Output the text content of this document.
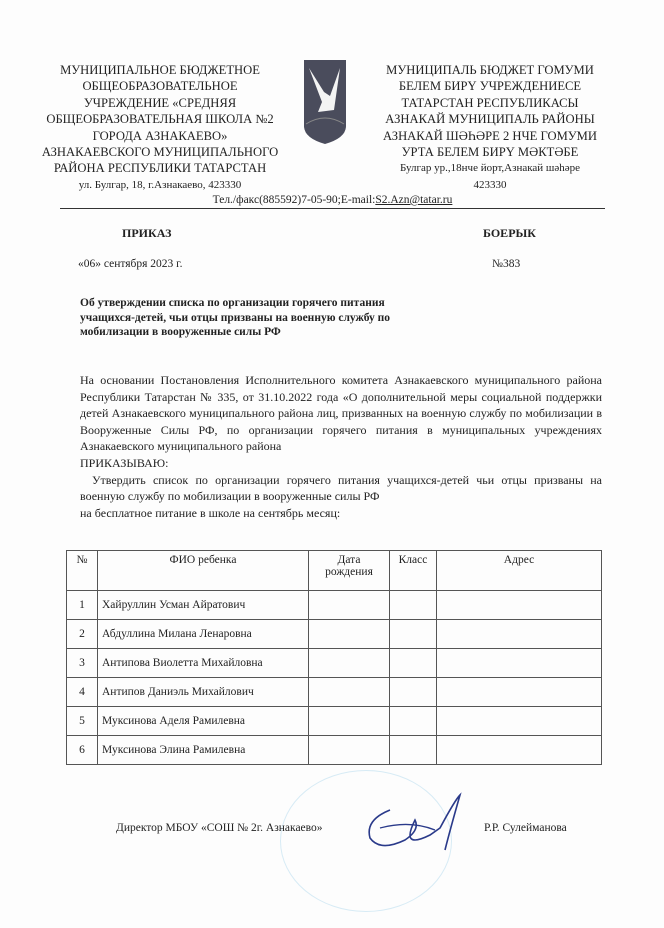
МУНИЦИПАЛЬНОЕ БЮДЖЕТНОЕ
ОБЩЕОБРАЗОВАТЕЛЬНОЕ
УЧРЕЖДЕНИЕ «СРЕДНЯЯ
ОБЩЕОБРАЗОВАТЕЛЬНАЯ ШКОЛА №2
ГОРОДА АЗНАКАЕВО»
АЗНАКАЕВСКОГО МУНИЦИПАЛЬНОГО
РАЙОНА РЕСПУБЛИКИ ТАТАРСТАН
ул. Булгар, 18, г.Азнакаево, 423330
МУНИЦИПАЛЬ БЮДЖЕТ ГОМУМИ
БЕЛЕМ БИРҮ УЧРЕЖДЕНИЕСЕ
ТАТАРСТАН РЕСПУБЛИКАСЫ
АЗНАКАЙ МУНИЦИПАЛЬ РАЙОНЫ
АЗНАКАЙ ШӘҺӘРЕ 2 НЧЕ ГОМУМИ
УРТА БЕЛЕМ БИРҮ МӘКТӘБЕ
Булгар ур.,18нче йорт,Азнакай шәһәре
423330
Тел./факс(885592)7-05-90;E-mail:S2.Azn@tatar.ru
ПРИКАЗ	БОЕРЫК
«06» сентября 2023 г.	№383
Об утверждении списка по организации горячего питания учащихся-детей, чьи отцы призваны на военную службу по мобилизации в вооруженные силы РФ
На основании Постановления Исполнительного комитета Азнакаевского муниципального района Республики Татарстан № 335, от 31.10.2022 года «О дополнительной меры социальной поддержки детей Азнакаевского муниципального района лиц, призванных на военную службу по мобилизации в Вооруженные Силы РФ, по организации горячего питания в муниципальных учреждениях Азнакаевского муниципального района
ПРИКАЗЫВАЮ:
Утвердить список по организации горячего питания учащихся-детей чьи отцы призваны на военную службу по мобилизации в вооруженные силы РФ
на бесплатное питание в школе на сентябрь месяц:
№	ФИО ребенка	Дата рождения	Класс	Адрес
1	Хайруллин Усман Айратович			
2	Абдуллина Милана Ленаровна			
3	Антипова Виолетта Михайловна			
4	Антипов Даниэль Михайлович			
5	Муксинова Аделя Рамилевна			
6	Муксинова Элина Рамилевна			
Директор МБОУ «СОШ № 2г. Азнакаево»	Р.Р. Сулейманова
